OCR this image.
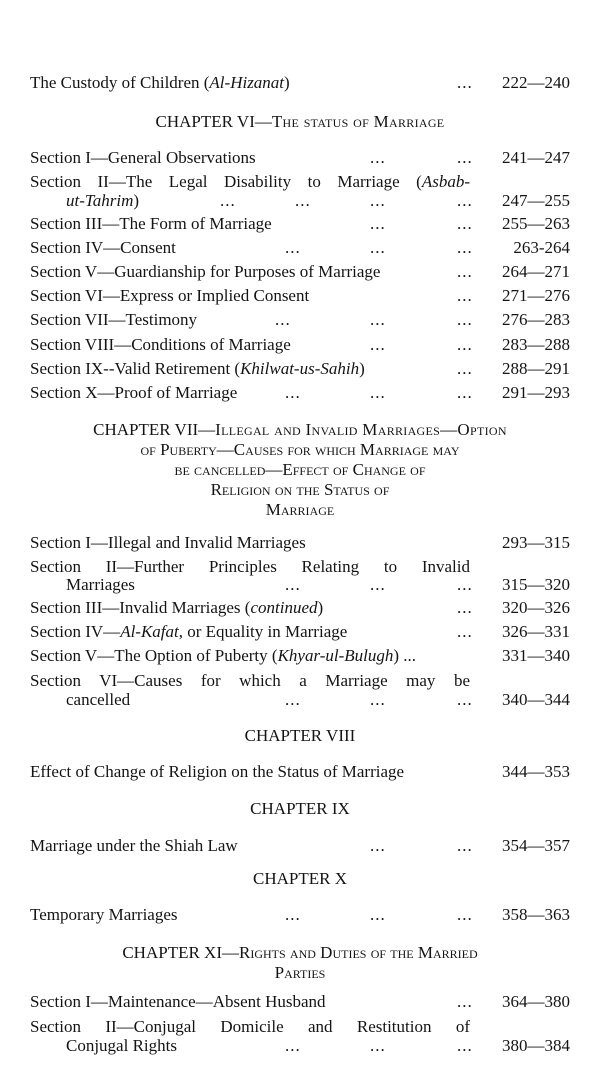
The Custody of Children (Al-Hizanat)	... 222—240
CHAPTER VI—The status of Marriage
Section I—General Observations	...	... 241—247
Section II—The Legal Disability to Marriage (Asbab-
ut-Tahrim)	...	...	...	... 247—255
Section III—The Form of Marriage	...	... 255—263
Section IV—Consent	...	...	... 263-264
Section V—Guardianship for Purposes of Marriage	... 264—271
Section VI—Express or Implied Consent	... 271—276
Section VII—Testimony	...	...	... 276—283
Section VIII—Conditions of Marriage	...	... 283—288
Section IX--Valid Retirement (Khilwat-us-Sahih)	... 288—291
Section X—Proof of Marriage	...	...	... 291—293
CHAPTER VII—Illegal and Invalid Marriages—Option
of Puberty—Causes for which Marriage may
be cancelled—Effect of Change of
Religion on the Status of
Marriage
Section I—Illegal and Invalid Marriages	293—315
Section II—Further Principles Relating to Invalid
Marriages	...	...	... 315—320
Section III—Invalid Marriages (continued)	... 320—326
Section IV—Al-Kafat, or Equality in Marriage	... 326—331
Section V—The Option of Puberty (Khyar-ul-Bulugh) ...	331—340
Section VI—Causes for which a Marriage may be
cancelled	...	...	... 340—344
CHAPTER VIII
Effect of Change of Religion on the Status of Marriage	344—353
CHAPTER IX
Marriage under the Shiah Law	...	... 354—357
CHAPTER X
Temporary Marriages	...	...	... 358—363
CHAPTER XI—Rights and Duties of the Married
Parties
Section I—Maintenance—Absent Husband	... 364—380
Section II—Conjugal Domicile and Restitution of
Conjugal Rights	...	...	... 380—384
